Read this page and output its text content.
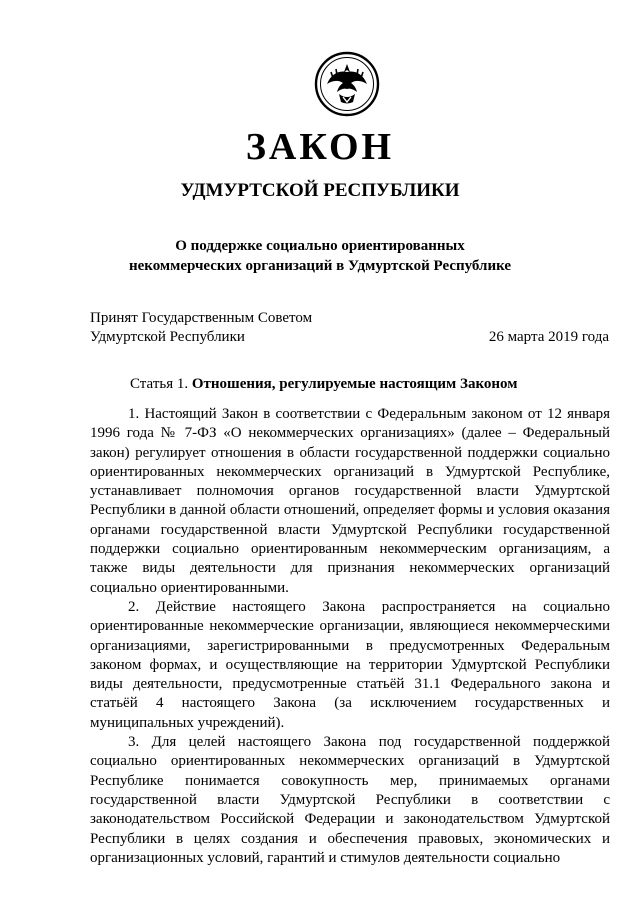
ЗАКОН
УДМУРТСКОЙ РЕСПУБЛИКИ
О поддержке социально ориентированных
некоммерческих организаций в Удмуртской Республике
Принят Государственным Советом
Удмуртской Республики	26 марта 2019 года
Статья 1. Отношения, регулируемые настоящим Законом

1. Настоящий Закон в соответствии с Федеральным законом от 12 января 1996 года № 7-ФЗ «О некоммерческих организациях» (далее – Федеральный закон) регулирует отношения в области государственной поддержки социально ориентированных некоммерческих организаций в Удмуртской Республике, устанавливает полномочия органов государственной власти Удмуртской Республики в данной области отношений, определяет формы и условия оказания органами государственной власти Удмуртской Республики государственной поддержки социально ориентированным некоммерческим организациям, а также виды деятельности для признания некоммерческих организаций социально ориентированными.

2. Действие настоящего Закона распространяется на социально ориентированные некоммерческие организации, являющиеся некоммерческими организациями, зарегистрированными в предусмотренных Федеральным законом формах, и осуществляющие на территории Удмуртской Республики виды деятельности, предусмотренные статьёй 31.1 Федерального закона и статьёй 4 настоящего Закона (за исключением государственных и муниципальных учреждений).

3. Для целей настоящего Закона под государственной поддержкой социально ориентированных некоммерческих организаций в Удмуртской Республике понимается совокупность мер, принимаемых органами государственной власти Удмуртской Республики в соответствии с законодательством Российской Федерации и законодательством Удмуртской Республики в целях создания и обеспечения правовых, экономических и организационных условий, гарантий и стимулов деятельности социально
